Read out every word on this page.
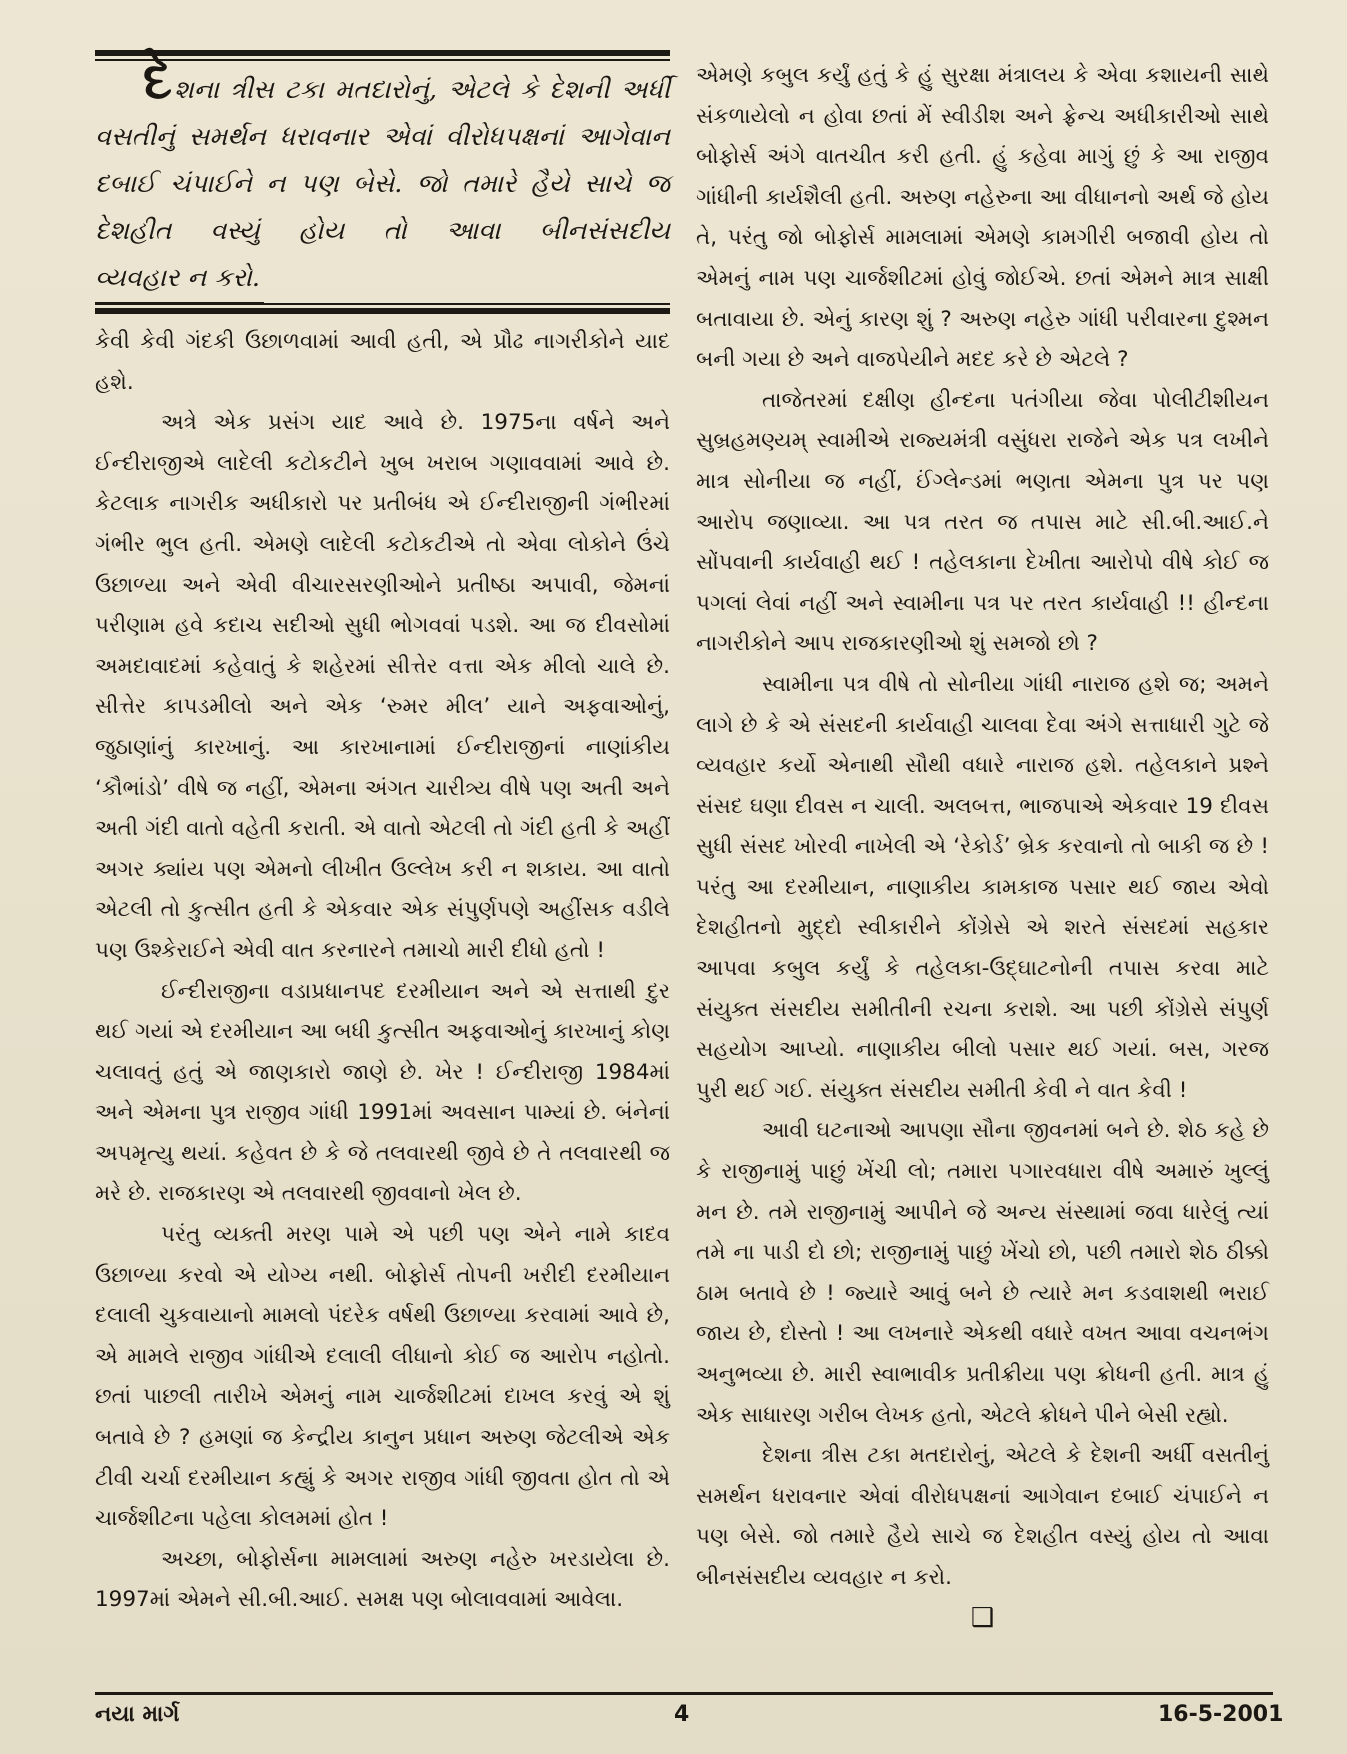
દેશના ત્રીસ ટકા મતદારોનું, એટલે કે દેશની અર્ધી વસતીનું સમર્થન ધરાવનાર એવાં વીરોધપક્ષનાં આગેવાન દબાઈ ચંપાઈને ન પણ બેસે. જો તમારે હૈયે સાચે જ દેશહીત વસ્યું હોય તો આવા બીનસંસદીય વ્યવહાર ન કરો.

કેવી કેવી ગંદકી ઉછાળવામાં આવી હતી, એ પ્રૌઢ નાગરીકોને યાદ હશે.

અત્રે એક પ્રસંગ યાદ આવે છે. 1975ના વર્ષને અને ઈન્દીરાજીએ લાદેલી કટોકટીને ખુબ ખરાબ ગણાવવામાં આવે છે. કેટલાક નાગરીક અધીકારો પર પ્રતીબંધ એ ઈન્દીરાજીની ગંભીરમાં ગંભીર ભુલ હતી. એમણે લાદેલી કટોકટીએ તો એવા લોકોને ઉંચે ઉછાળ્યા અને એવી વીચારસરણીઓને પ્રતીષ્ઠા અપાવી, જેમનાં પરીણામ હવે કદાચ સદીઓ સુધી ભોગવવાં પડશે. આ જ દીવસોમાં અમદાવાદમાં કહેવાતું કે શહેરમાં સીત્તેર વત્તા એક મીલો ચાલે છે. સીત્તેર કાપડમીલો અને એક ‘રુમર મીલ’ યાને અફવાઓનું, જુઠાણાંનું કારખાનું. આ કારખાનામાં ઈન્દીરાજીનાં નાણાંકીય ‘કૌભાંડો’ વીષે જ નહીં, એમના અંગત ચારીત્ર્ય વીષે પણ અતી અને અતી ગંદી વાતો વહેતી કરાતી. એ વાતો એટલી તો ગંદી હતી કે અહીં અગર ક્યાંય પણ એમનો લીખીત ઉલ્લેખ કરી ન શકાય. આ વાતો એટલી તો કુત્સીત હતી કે એકવાર એક સંપુર્ણપણે અહીંસક વડીલે પણ ઉશ્કેરાઈને એવી વાત કરનારને તમાચો મારી દીધો હતો !

ઈન્દીરાજીના વડાપ્રધાનપદ દરમીયાન અને એ સત્તાથી દુર થઈ ગયાં એ દરમીયાન આ બધી કુત્સીત અફવાઓનું કારખાનું કોણ ચલાવતું હતું એ જાણકારો જાણે છે. ખેર ! ઈન્દીરાજી 1984માં અને એમના પુત્ર રાજીવ ગાંધી 1991માં અવસાન પામ્યાં છે. બંનેનાં અપમૃત્યુ થયાં. કહેવત છે કે જે તલવારથી જીવે છે તે તલવારથી જ મરે છે. રાજકારણ એ તલવારથી જીવવાનો ખેલ છે.

પરંતુ વ્યક્તી મરણ પામે એ પછી પણ એને નામે કાદવ ઉછાળ્યા કરવો એ યોગ્ય નથી. બોફોર્સ તોપની ખરીદી દરમીયાન દલાલી ચુકવાયાનો મામલો પંદરેક વર્ષથી ઉછાળ્યા કરવામાં આવે છે, એ મામલે રાજીવ ગાંધીએ દલાલી લીધાનો કોઈ જ આરોપ નહોતો. છતાં પાછલી તારીખે એમનું નામ ચાર્જશીટમાં દાખલ કરવું એ શું બતાવે છે ? હમણાં જ કેન્દ્રીય કાનુન પ્રધાન અરુણ જેટલીએ એક ટીવી ચર્ચા દરમીયાન કહ્યું કે અગર રાજીવ ગાંધી જીવતા હોત તો એ ચાર્જશીટના પહેલા કોલમમાં હોત !

અચ્છા, બોફોર્સના મામલામાં અરુણ નહેરુ ખરડાયેલા છે. 1997માં એમને સી.બી.આઈ. સમક્ષ પણ બોલાવવામાં આવેલા.

એમણે કબુલ કર્યું હતું કે હું સુરક્ષા મંત્રાલય કે એવા કશાયની સાથે સંકળાયેલો ન હોવા છતાં મેં સ્વીડીશ અને ફ્રેન્ચ અધીકારીઓ સાથે બોફોર્સ અંગે વાતચીત કરી હતી. હું કહેવા માગું છું કે આ રાજીવ ગાંધીની કાર્યશૈલી હતી. અરુણ નહેરુના આ વીધાનનો અર્થ જે હોય તે, પરંતુ જો બોફોર્સ મામલામાં એમણે કામગીરી બજાવી હોય તો એમનું નામ પણ ચાર્જશીટમાં હોવું જોઈએ. છતાં એમને માત્ર સાક્ષી બતાવાયા છે. એનું કારણ શું ? અરુણ નહેરુ ગાંધી પરીવારના દુશ્મન બની ગયા છે અને વાજપેયીને મદદ કરે છે એટલે ?

તાજેતરમાં દક્ષીણ હીન્દના પતંગીયા જેવા પોલીટીશીયન સુબ્રહમણ્યમ્ સ્વામીએ રાજ્યમંત્રી વસુંધરા રાજેને એક પત્ર લખીને માત્ર સોનીયા જ નહીં, ઈંગ્લેન્ડમાં ભણતા એમના પુત્ર પર પણ આરોપ જણાવ્યા. આ પત્ર તરત જ તપાસ માટે સી.બી.આઈ.ને સોંપવાની કાર્યવાહી થઈ ! તહેલકાના દેખીતા આરોપો વીષે કોઈ જ પગલાં લેવાં નહીં અને સ્વામીના પત્ર પર તરત કાર્યવાહી !! હીન્દના નાગરીકોને આપ રાજકારણીઓ શું સમજો છો ?

સ્વામીના પત્ર વીષે તો સોનીયા ગાંધી નારાજ હશે જ; અમને લાગે છે કે એ સંસદની કાર્યવાહી ચાલવા દેવા અંગે સત્તાધારી ગુટે જે વ્યવહાર કર્યો એનાથી સૌથી વધારે નારાજ હશે. તહેલકાને પ્રશ્ને સંસદ ઘણા દીવસ ન ચાલી. અલબત્ત, ભાજપાએ એકવાર 19 દીવસ સુધી સંસદ ખોરવી નાખેલી એ ‘રેકોર્ડ’ બ્રેક કરવાનો તો બાકી જ છે ! પરંતુ આ દરમીયાન, નાણાકીય કામકાજ પસાર થઈ જાય એવો દેશહીતનો મુદ્દો સ્વીકારીને કોંગ્રેસે એ શરતે સંસદમાં સહકાર આપવા કબુલ કર્યું કે તહેલકા-ઉદ્ઘાટનોની તપાસ કરવા માટે સંયુક્ત સંસદીય સમીતીની રચના કરાશે. આ પછી કોંગ્રેસે સંપુર્ણ સહયોગ આપ્યો. નાણાકીય બીલો પસાર થઈ ગયાં. બસ, ગરજ પુરી થઈ ગઈ. સંયુક્ત સંસદીય સમીતી કેવી ને વાત કેવી !

આવી ઘટનાઓ આપણા સૌના જીવનમાં બને છે. શેઠ કહે છે કે રાજીનામું પાછું ખેંચી લો; તમારા પગારવધારા વીષે અમારું ખુલ્લું મન છે. તમે રાજીનામું આપીને જે અન્ય સંસ્થામાં જવા ધારેલું ત્યાં તમે ના પાડી દો છો; રાજીનામું પાછું ખેંચો છો, પછી તમારો શેઠ ઠીક્કો ઠામ બતાવે છે ! જ્યારે આવું બને છે ત્યારે મન કડવાશથી ભરાઈ જાય છે, દોસ્તો ! આ લખનારે એકથી વધારે વખત આવા વચનભંગ અનુભવ્યા છે. મારી સ્વાભાવીક પ્રતીક્રીયા પણ ક્રોધની હતી. માત્ર હું એક સાધારણ ગરીબ લેખક હતો, એટલે ક્રોધને પીને બેસી રહ્યો.

દેશના ત્રીસ ટકા મતદારોનું, એટલે કે દેશની અર્ધી વસતીનું સમર્થન ધરાવનાર એવાં વીરોધપક્ષનાં આગેવાન દબાઈ ચંપાઈને ન પણ બેસે. જો તમારે હૈયે સાચે જ દેશહીત વસ્યું હોય તો આવા બીનસંસદીય વ્યવહાર ન કરો.

❑
નયા માર્ગ	4	16-5-2001
